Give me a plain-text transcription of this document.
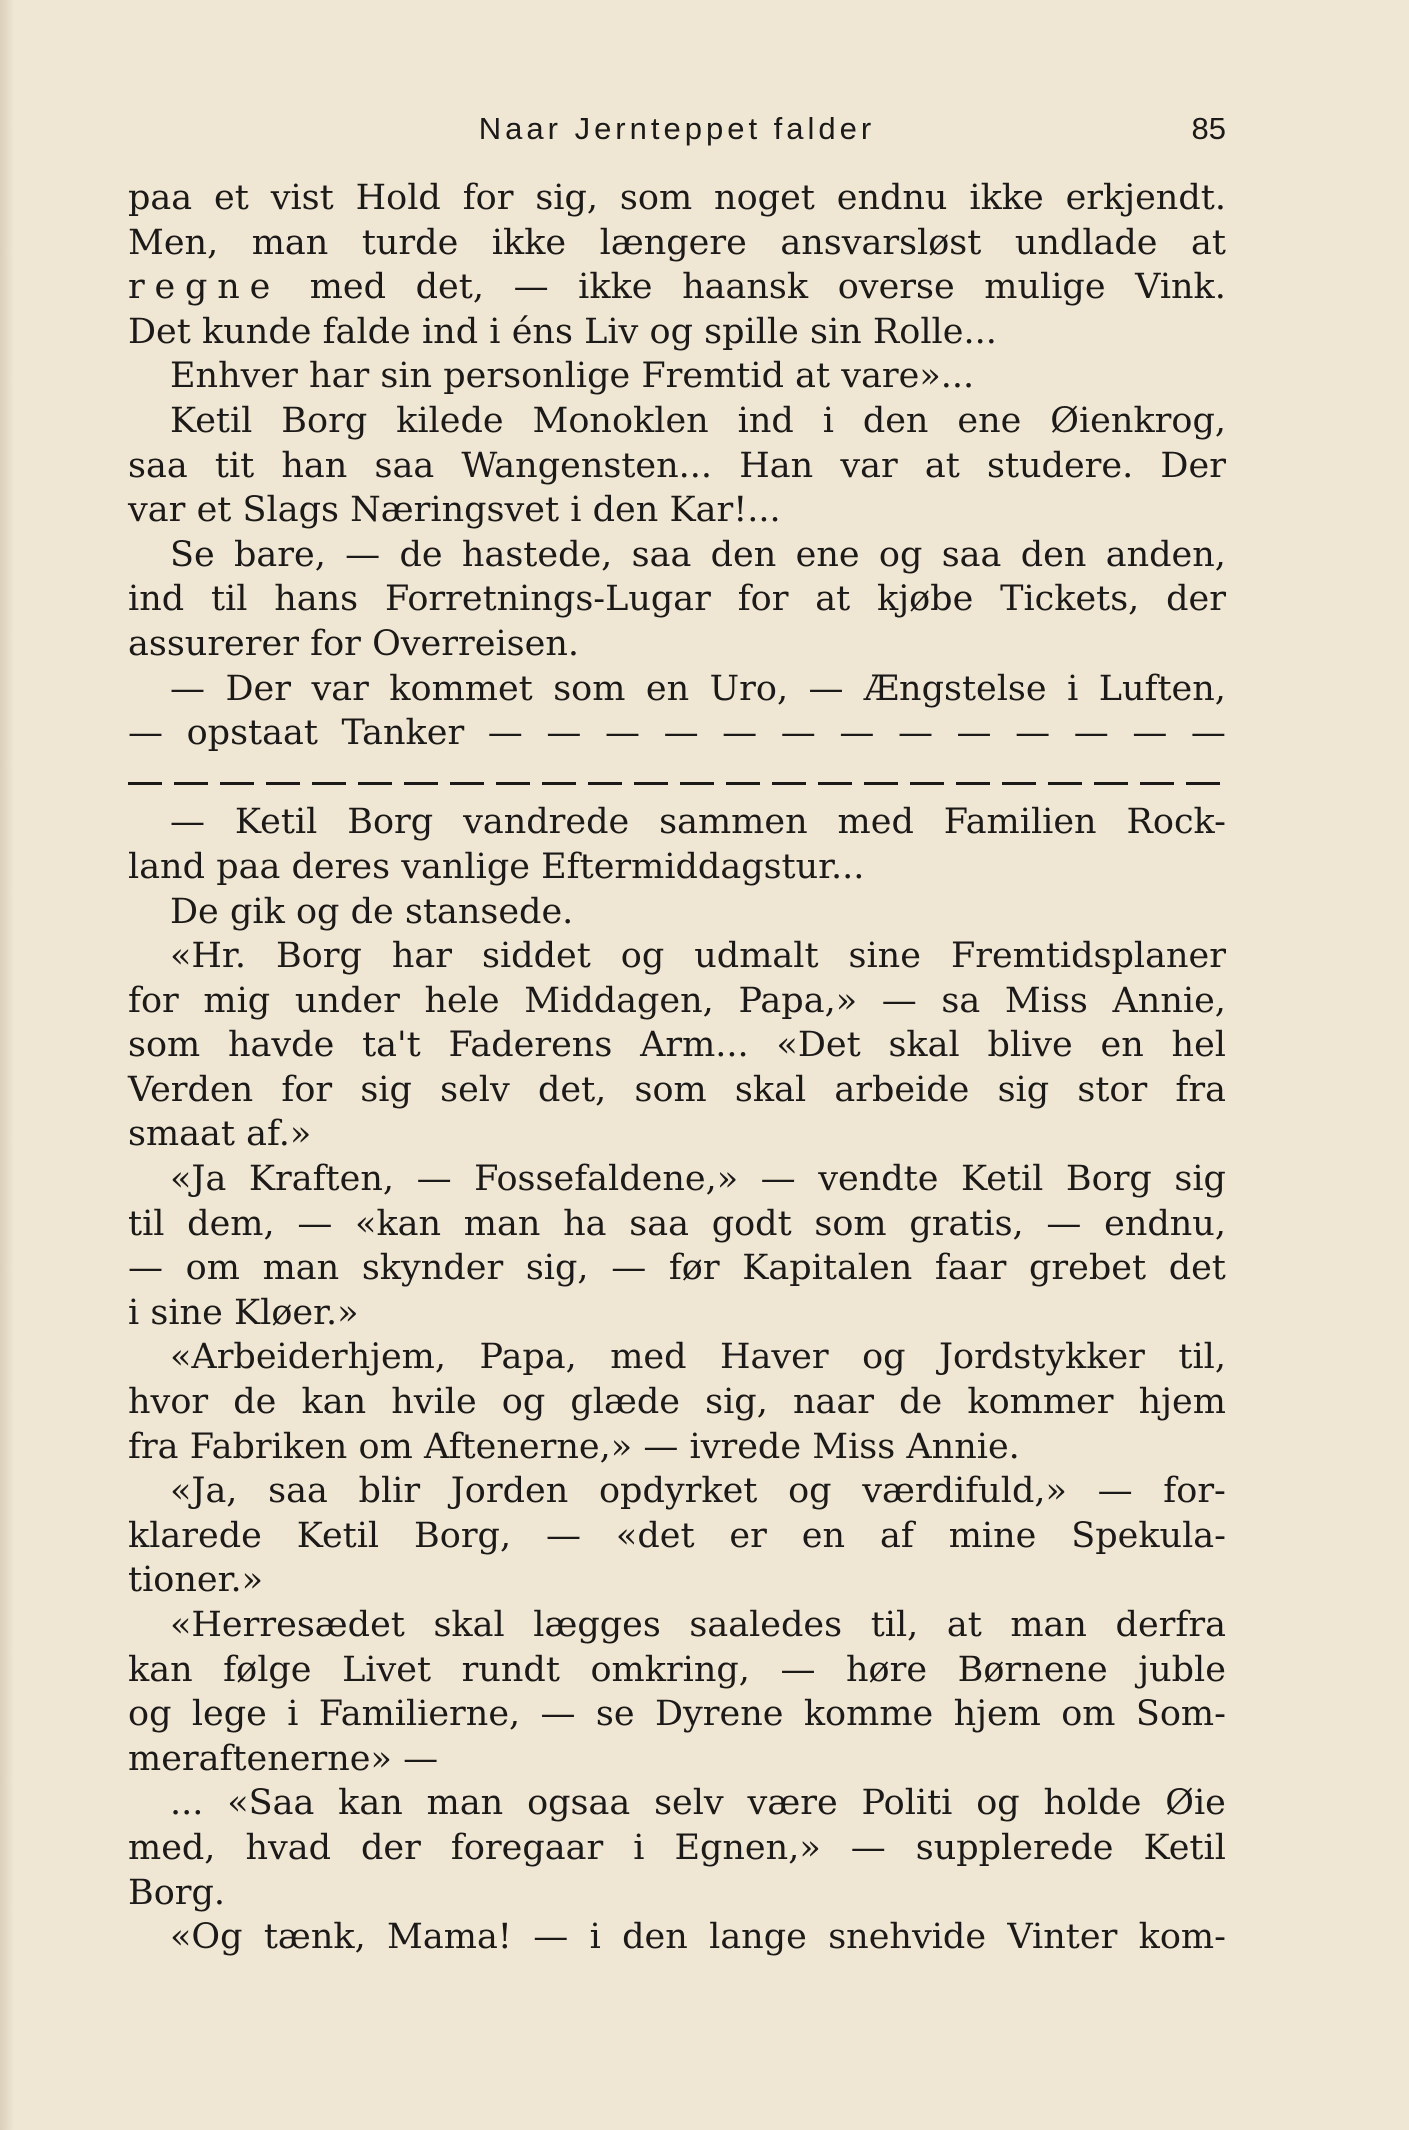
Naar Jernteppet falder	85
paa et vist Hold for sig, som noget endnu ikke erkjendt.
Men, man turde ikke længere ansvarsløst undlade at
regne med det, — ikke haansk overse mulige Vink.
Det kunde falde ind i éns Liv og spille sin Rolle...
Enhver har sin personlige Fremtid at vare»...
Ketil Borg kilede Monoklen ind i den ene Øienkrog,
saa tit han saa Wangensten... Han var at studere. Der
var et Slags Næringsvet i den Kar!...
Se bare, — de hastede, saa den ene og saa den anden,
ind til hans Forretnings-Lugar for at kjøbe Tickets, der
assurerer for Overreisen.
— Der var kommet som en Uro, — Ængstelse i Luften,
— opstaat Tanker — — — — — — — — — — — — —
— Ketil Borg vandrede sammen med Familien Rock-
land paa deres vanlige Eftermiddagstur...
De gik og de stansede.
«Hr. Borg har siddet og udmalt sine Fremtidsplaner
for mig under hele Middagen, Papa,» — sa Miss Annie,
som havde ta't Faderens Arm... «Det skal blive en hel
Verden for sig selv det, som skal arbeide sig stor fra
smaat af.»
«Ja Kraften, — Fossefaldene,» — vendte Ketil Borg sig
til dem, — «kan man ha saa godt som gratis, — endnu,
— om man skynder sig, — før Kapitalen faar grebet det
i sine Kløer.»
«Arbeiderhjem, Papa, med Haver og Jordstykker til,
hvor de kan hvile og glæde sig, naar de kommer hjem
fra Fabriken om Aftenerne,» — ivrede Miss Annie.
«Ja, saa blir Jorden opdyrket og værdifuld,» — for-
klarede Ketil Borg, — «det er en af mine Spekula-
tioner.»
«Herresædet skal lægges saaledes til, at man derfra
kan følge Livet rundt omkring, — høre Børnene juble
og lege i Familierne, — se Dyrene komme hjem om Som-
meraftenerne» —
... «Saa kan man ogsaa selv være Politi og holde Øie
med, hvad der foregaar i Egnen,» — supplerede Ketil
Borg.
«Og tænk, Mama! — i den lange snehvide Vinter kom-
